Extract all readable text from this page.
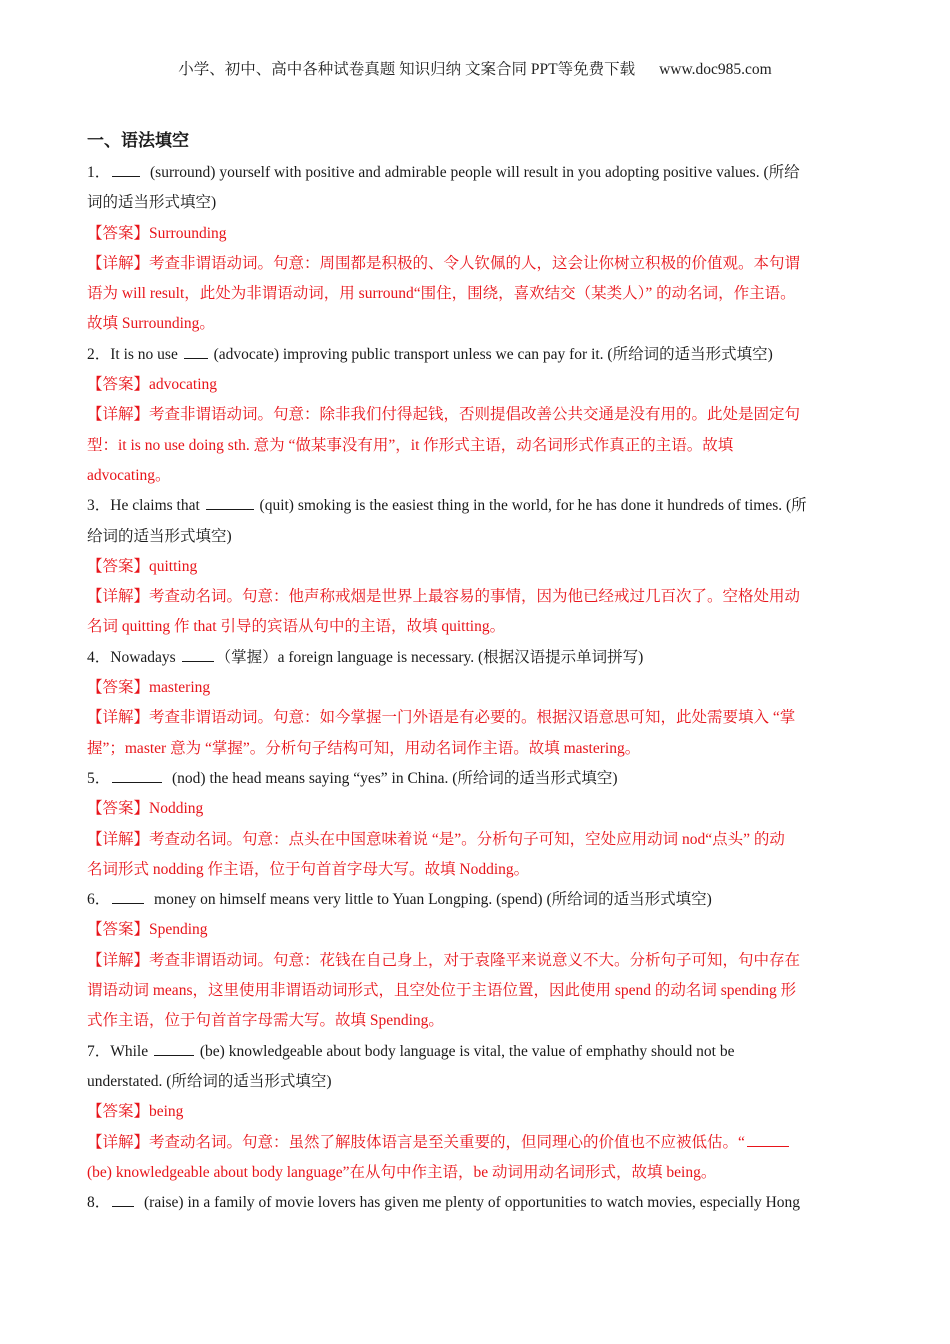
小学、初中、高中各种试卷真题 知识归纳 文案合同 PPT等免费下载 www.doc985.com
一、语法填空
1．	(surround) yourself with positive and admirable people will result in you adopting positive values. (所给
词的适当形式填空)
【答案】Surrounding
【详解】考查非谓语动词。句意：周围都是积极的、令人钦佩的人，这会让你树立积极的价值观。本句谓
语为 will result，此处为非谓语动词，用 surround“围住，围绕，喜欢结交（某类人）” 的动名词，作主语。
故填 Surrounding。
2．It is no use (advocate) improving public transport unless we can pay for it. (所给词的适当形式填空)
【答案】advocating
【详解】考查非谓语动词。句意：除非我们付得起钱，否则提倡改善公共交通是没有用的。此处是固定句
型：it is no use doing sth. 意为 “做某事没有用”，it 作形式主语，动名词形式作真正的主语。故填
advocating。
3．He claims that	(quit) smoking is the easiest thing in the world, for he has done it hundreds of times. (所
给词的适当形式填空)
【答案】quitting
【详解】考查动名词。句意：他声称戒烟是世界上最容易的事情，因为他已经戒过几百次了。空格处用动
名词 quitting 作 that 引导的宾语从句中的主语，故填 quitting。
4．Nowadays	（掌握）a foreign language is necessary. (根据汉语提示单词拼写)
【答案】mastering
【详解】考查非谓语动词。句意：如今掌握一门外语是有必要的。根据汉语意思可知，此处需要填入 “掌
握”；master 意为 “掌握”。分析句子结构可知，用动名词作主语。故填 mastering。
5．	(nod) the head means saying “yes” in China. (所给词的适当形式填空)
【答案】Nodding
【详解】考查动名词。句意：点头在中国意味着说 “是”。分析句子可知，空处应用动词 nod“点头” 的动
名词形式 nodding 作主语，位于句首首字母大写。故填 Nodding。
6．	money on himself means very little to Yuan Longping. (spend) (所给词的适当形式填空)
【答案】Spending
【详解】考查非谓语动词。句意：花钱在自己身上，对于袁隆平来说意义不大。分析句子可知，句中存在
谓语动词 means，这里使用非谓语动词形式，且空处位于主语位置，因此使用 spend 的动名词 spending 形
式作主语，位于句首首字母需大写。故填 Spending。
7．While	(be) knowledgeable about body language is vital, the value of emphathy should not be
understated. (所给词的适当形式填空)
【答案】being
【详解】考查动名词。句意：虽然了解肢体语言是至关重要的，但同理心的价值也不应被低估。“
(be) knowledgeable about body language”在从句中作主语，be 动词用动名词形式，故填 being。
8． (raise) in a family of movie lovers has given me plenty of opportunities to watch movies, especially Hong
